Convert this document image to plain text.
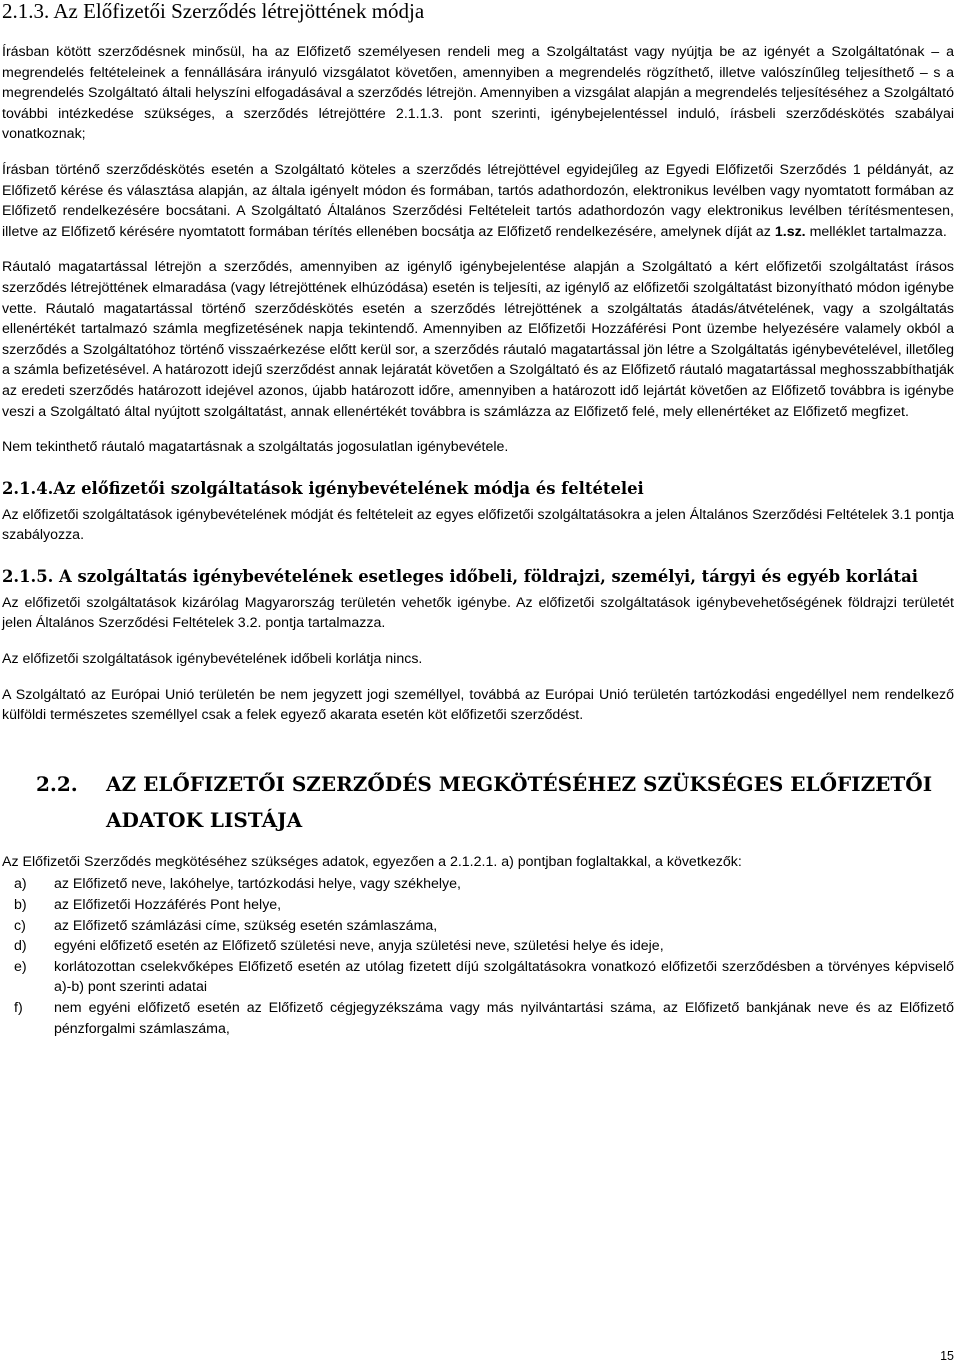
2.1.3. Az Előfizetői Szerződés létrejöttének módja

Írásban kötött szerződésnek minősül, ha az Előfizető személyesen rendeli meg a Szolgáltatást vagy nyújtja be az igényét a Szolgáltatónak – a megrendelés feltételeinek a fennállására irányuló vizsgálatot követően, amennyiben a megrendelés rögzíthető, illetve valószínűleg teljesíthető – s a megrendelés Szolgáltató általi helyszíni elfogadásával a szerződés létrejön. Amennyiben a vizsgálat alapján a megrendelés teljesítéséhez a Szolgáltató további intézkedése szükséges, a szerződés létrejöttére 2.1.1.3. pont szerinti, igénybejelentéssel induló, írásbeli szerződéskötés szabályai vonatkoznak;

Írásban történő szerződéskötés esetén a Szolgáltató köteles a szerződés létrejöttével egyidejűleg az Egyedi Előfizetői Szerződés 1 példányát, az Előfizető kérése és választása alapján, az általa igényelt módon és formában, tartós adathordozón, elektronikus levélben vagy nyomtatott formában az Előfizető rendelkezésére bocsátani. A Szolgáltató Általános Szerződési Feltételeit tartós adathordozón vagy elektronikus levélben térítésmentesen, illetve az Előfizető kérésére nyomtatott formában térítés ellenében bocsátja az Előfizető rendelkezésére, amelynek díját az 1.sz. melléklet tartalmazza.

Ráutaló magatartással létrejön a szerződés, amennyiben az igénylő igénybejelentése alapján a Szolgáltató a kért előfizetői szolgáltatást írásos szerződés létrejöttének elmaradása (vagy létrejöttének elhúzódása) esetén is teljesíti, az igénylő az előfizetői szolgáltatást bizonyítható módon igénybe vette. Ráutaló magatartással történő szerződéskötés esetén a szerződés létrejöttének a szolgáltatás átadás/átvételének, vagy a szolgáltatás ellenértékét tartalmazó számla megfizetésének napja tekintendő. Amennyiben az Előfizetői Hozzáférési Pont üzembe helyezésére valamely okból a szerződés a Szolgáltatóhoz történő visszaérkezése előtt kerül sor, a szerződés ráutaló magatartással jön létre a Szolgáltatás igénybevételével, illetőleg a számla befizetésével. A határozott idejű szerződést annak lejáratát követően a Szolgáltató és az Előfizető ráutaló magatartással meghosszabbíthatják az eredeti szerződés határozott idejével azonos, újabb határozott időre, amennyiben a határozott idő lejártát követően az Előfizető továbbra is igénybe veszi a Szolgáltató által nyújtott szolgáltatást, annak ellenértékét továbbra is számlázza az Előfizető felé, mely ellenértéket az Előfizető megfizet.

Nem tekinthető ráutaló magatartásnak a szolgáltatás jogosulatlan igénybevétele.

2.1.4.Az előfizetői szolgáltatások igénybevételének módja és feltételei

Az előfizetői szolgáltatások igénybevételének módját és feltételeit az egyes előfizetői szolgáltatásokra a jelen Általános Szerződési Feltételek 3.1 pontja szabályozza.

2.1.5. A szolgáltatás igénybevételének esetleges időbeli, földrajzi, személyi, tárgyi és egyéb korlátai

Az előfizetői szolgáltatások kizárólag Magyarország területén vehetők igénybe. Az előfizetői szolgáltatások igénybevehetőségének földrajzi területét jelen Általános Szerződési Feltételek 3.2. pontja tartalmazza.

Az előfizetői szolgáltatások igénybevételének időbeli korlátja nincs.

A Szolgáltató az Európai Unió területén be nem jegyzett jogi személlyel, továbbá az Európai Unió területén tartózkodási engedéllyel nem rendelkező külföldi természetes személlyel csak a felek egyező akarata esetén köt előfizetői szerződést.

2.2.	AZ ELŐFIZETŐI SZERZŐDÉS MEGKÖTÉSÉHEZ SZÜKSÉGES ELŐFIZETŐI ADATOK LISTÁJA

Az Előfizetői Szerződés megkötéséhez szükséges adatok, egyezően a 2.1.2.1. a) pontjban foglaltakkal, a következők:

a)	az Előfizető neve, lakóhelye, tartózkodási helye, vagy székhelye,
b)	az Előfizetői Hozzáférés Pont helye,
c)	az Előfizető számlázási címe, szükség esetén számlaszáma,
d)	egyéni előfizető esetén az Előfizető születési neve, anyja születési neve, születési helye és ideje,
e)	korlátozottan cselekvőképes Előfizető esetén az utólag fizetett díjú szolgáltatásokra vonatkozó előfizetői szerződésben a törvényes képviselő a)-b) pont szerinti adatai
f)	nem egyéni előfizető esetén az Előfizető cégjegyzékszáma vagy más nyilvántartási száma, az Előfizető bankjának neve és az Előfizető pénzforgalmi számlaszáma,
15
